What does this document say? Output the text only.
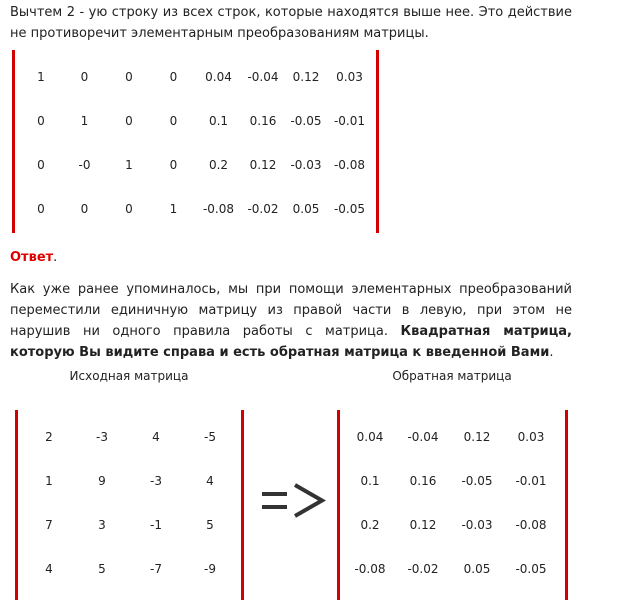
Вычтем 2 - ую строку из всех строк, которые находятся выше нее. Это действие не противоречит элементарным преобразованиям матрицы.
1	0	0	0	0.04	-0.04	0.12	0.03
0	1	0	0	0.1	0.16	-0.05	-0.01
0	-0	1	0	0.2	0.12	-0.03	-0.08
0	0	0	1	-0.08	-0.02	0.05	-0.05
Ответ.
Как уже ранее упоминалось, мы при помощи элементарных преобразований переместили единичную матрицу из правой части в левую, при этом не нарушив ни одного правила работы с матрица. Квадратная матрица, которую Вы видите справа и есть обратная матрица к введенной Вами.
Исходная матрица	Обратная матрица
2	-3	4	-5
1	9	-3	4
7	3	-1	5
4	5	-7	-9
0.04	-0.04	0.12	0.03
0.1	0.16	-0.05	-0.01
0.2	0.12	-0.03	-0.08
-0.08	-0.02	0.05	-0.05
